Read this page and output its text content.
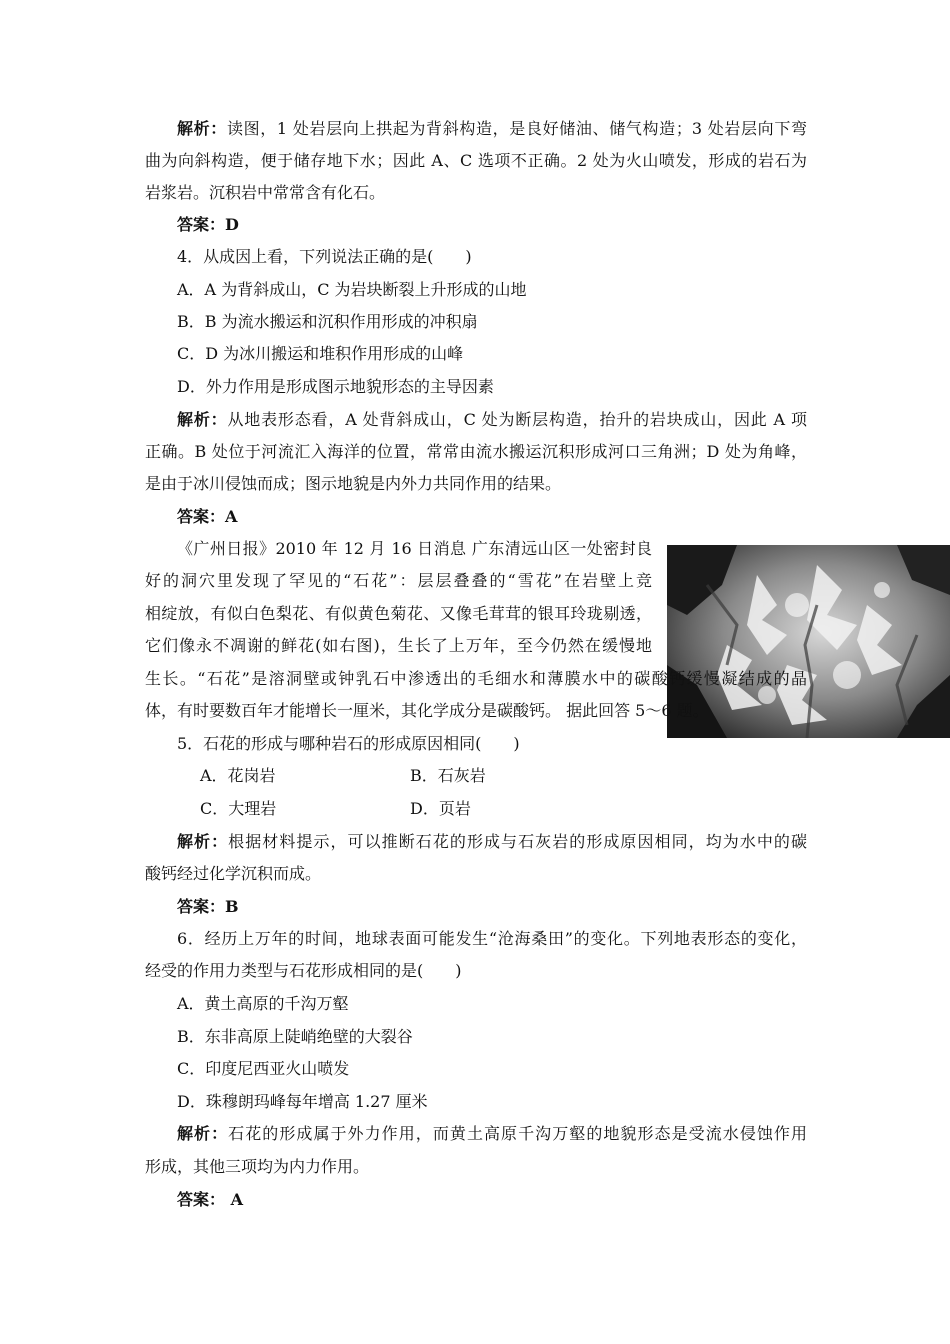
解析：读图，1 处岩层向上拱起为背斜构造，是良好储油、储气构造；3 处岩层向下弯
曲为向斜构造，便于储存地下水；因此 A、C 选项不正确。2 处为火山喷发，形成的岩石为
岩浆岩。沉积岩中常常含有化石。
答案：D
4．从成因上看，下列说法正确的是(　　)
A．A 为背斜成山，C 为岩块断裂上升形成的山地
B．B 为流水搬运和沉积作用形成的冲积扇
C．D 为冰川搬运和堆积作用形成的山峰
D．外力作用是形成图示地貌形态的主导因素
解析：从地表形态看，A 处背斜成山，C 处为断层构造，抬升的岩块成山，因此 A 项
正确。B 处位于河流汇入海洋的位置，常常由流水搬运沉积形成河口三角洲；D 处为角峰，
是由于冰川侵蚀而成；图示地貌是内外力共同作用的结果。
答案：A
《广州日报》2010 年 12 月 16 日消息 广东清远山区一处密封良
好的洞穴里发现了罕见的“石花”：层层叠叠的“雪花”在岩壁上竞
相绽放，有似白色梨花、有似黄色菊花、又像毛茸茸的银耳玲珑剔透，
它们像永不凋谢的鲜花(如右图)，生长了上万年，至今仍然在缓慢地
生长。“石花”是溶洞壁或钟乳石中渗透出的毛细水和薄膜水中的碳酸钙缓慢凝结成的晶
体，有时要数百年才能增长一厘米，其化学成分是碳酸钙。 据此回答 5～6 题。
5．石花的形成与哪种岩石的形成原因相同(　　)
A．花岗岩	B．石灰岩
C．大理岩	D．页岩
解析：根据材料提示，可以推断石花的形成与石灰岩的形成原因相同，均为水中的碳
酸钙经过化学沉积而成。
答案：B
6．经历上万年的时间，地球表面可能发生“沧海桑田”的变化。下列地表形态的变化，
经受的作用力类型与石花形成相同的是(　　)
A．黄土高原的千沟万壑
B．东非高原上陡峭绝壁的大裂谷
C．印度尼西亚火山喷发
D．珠穆朗玛峰每年增高 1.27 厘米
解析：石花的形成属于外力作用，而黄土高原千沟万壑的地貌形态是受流水侵蚀作用
形成，其他三项均为内力作用。
答案： A
